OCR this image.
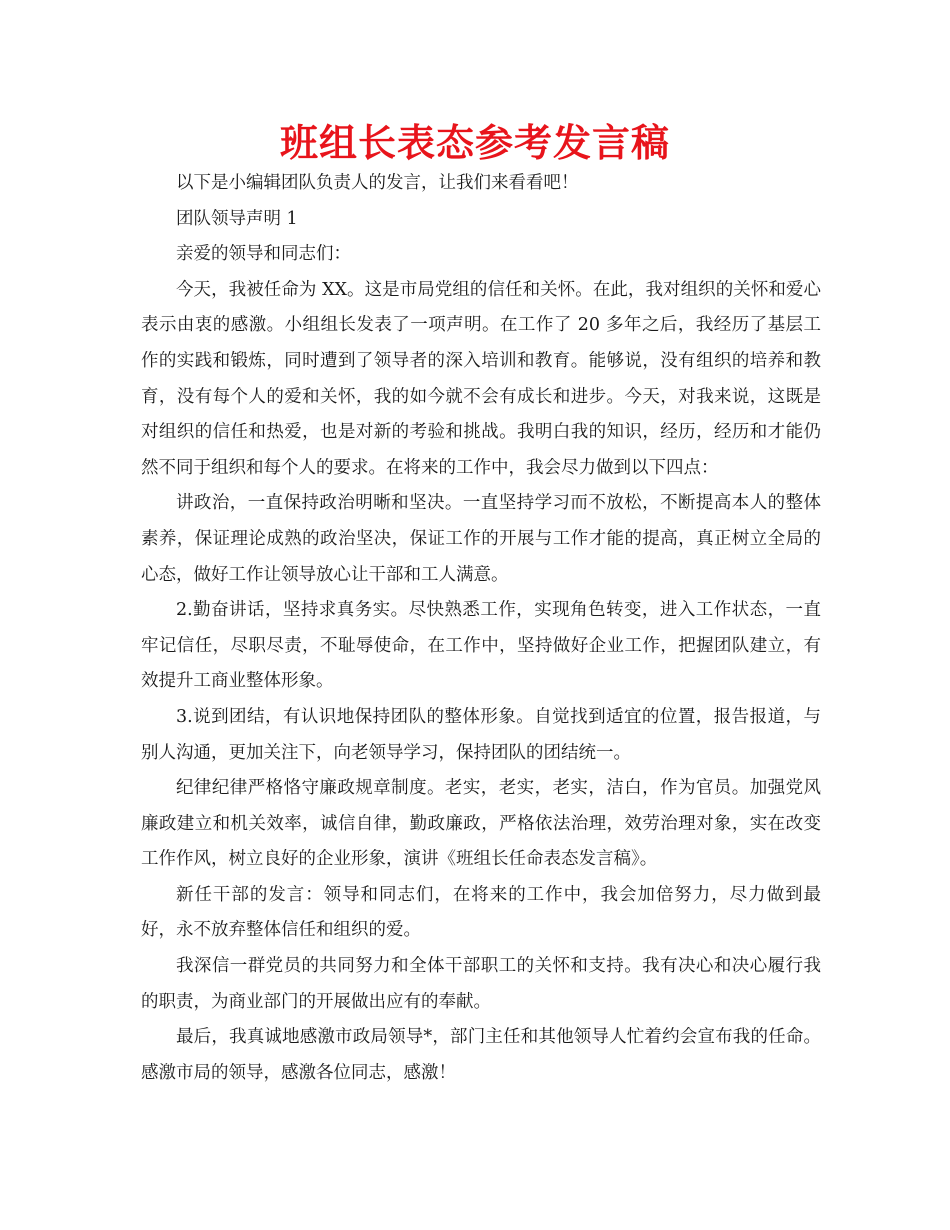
班组长表态参考发言稿

以下是小编辑团队负责人的发言，让我们来看看吧！

团队领导声明 1

亲爱的领导和同志们：

今天，我被任命为 XX。这是市局党组的信任和关怀。在此，我对组织的关怀和爱心表示由衷的感激。小组组长发表了一项声明。在工作了 20 多年之后，我经历了基层工作的实践和锻炼，同时遭到了领导者的深入培训和教育。能够说，没有组织的培养和教育，没有每个人的爱和关怀，我的如今就不会有成长和进步。今天，对我来说，这既是对组织的信任和热爱，也是对新的考验和挑战。我明白我的知识，经历，经历和才能仍然不同于组织和每个人的要求。在将来的工作中，我会尽力做到以下四点：

讲政治，一直保持政治明晰和坚决。一直坚持学习而不放松，不断提高本人的整体素养，保证理论成熟的政治坚决，保证工作的开展与工作才能的提高，真正树立全局的心态，做好工作让领导放心让干部和工人满意。

2.勤奋讲话，坚持求真务实。尽快熟悉工作，实现角色转变，进入工作状态，一直牢记信任，尽职尽责，不耻辱使命，在工作中，坚持做好企业工作，把握团队建立，有效提升工商业整体形象。

3.说到团结，有认识地保持团队的整体形象。自觉找到适宜的位置，报告报道，与别人沟通，更加关注下，向老领导学习，保持团队的团结统一。

纪律纪律严格恪守廉政规章制度。老实，老实，老实，洁白，作为官员。加强党风廉政建立和机关效率，诚信自律，勤政廉政，严格依法治理，效劳治理对象，实在改变工作作风，树立良好的企业形象，演讲《班组长任命表态发言稿》。

新任干部的发言：领导和同志们，在将来的工作中，我会加倍努力，尽力做到最好，永不放弃整体信任和组织的爱。

我深信一群党员的共同努力和全体干部职工的关怀和支持。我有决心和决心履行我的职责，为商业部门的开展做出应有的奉献。

最后，我真诚地感激市政局领导*，部门主任和其他领导人忙着约会宣布我的任命。感激市局的领导，感激各位同志，感激！
